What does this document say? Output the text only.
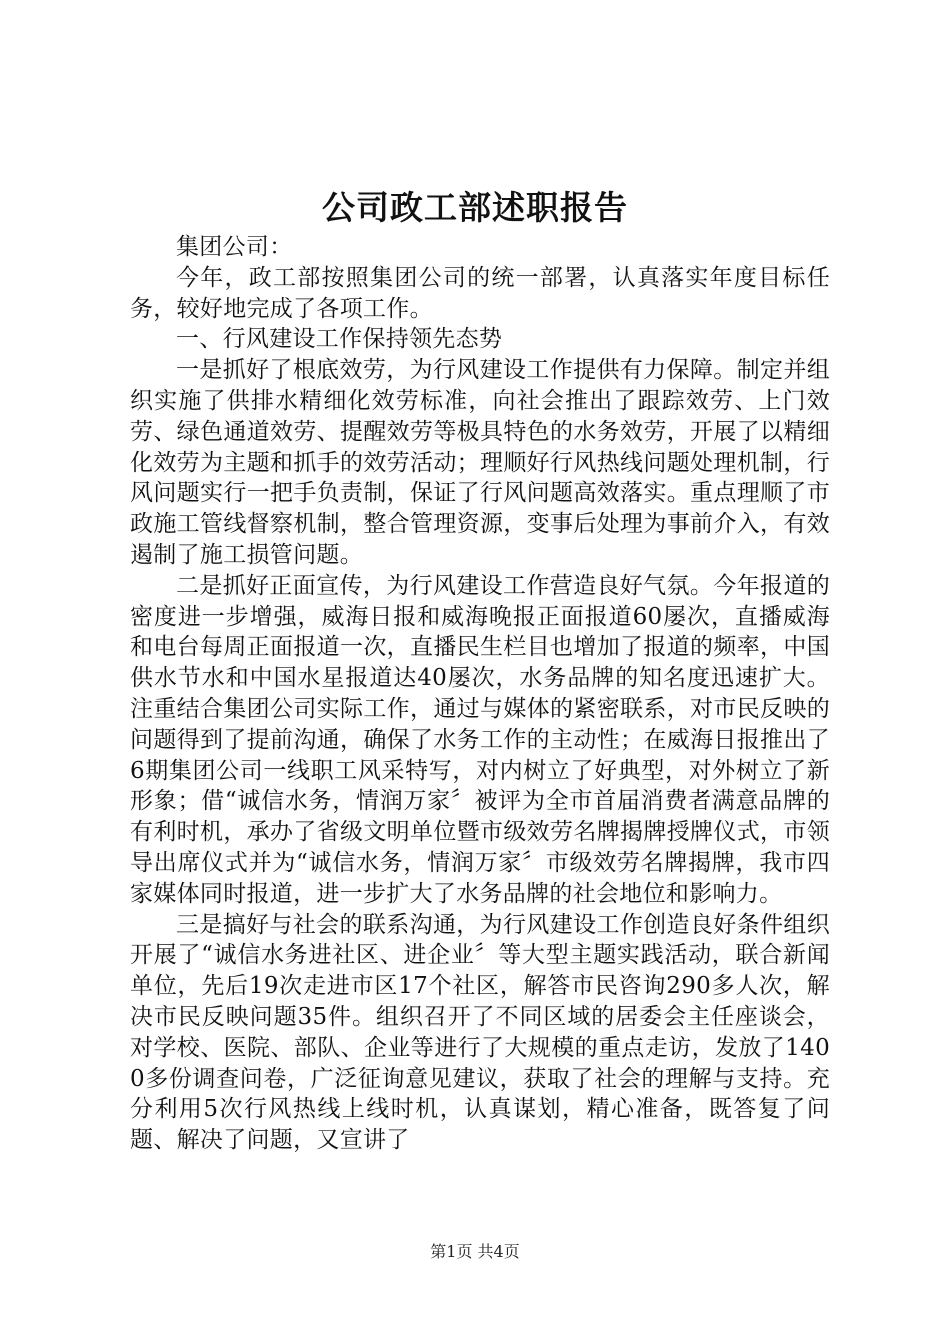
公司政工部述职报告

集团公司：

今年，政工部按照集团公司的统一部署，认真落实年度目标任务，较好地完成了各项工作。

一、行风建设工作保持领先态势

一是抓好了根底效劳，为行风建设工作提供有力保障。制定并组织实施了供排水精细化效劳标准，向社会推出了跟踪效劳、上门效劳、绿色通道效劳、提醒效劳等极具特色的水务效劳，开展了以精细化效劳为主题和抓手的效劳活动；理顺好行风热线问题处理机制，行风问题实行一把手负责制，保证了行风问题高效落实。重点理顺了市政施工管线督察机制，整合管理资源，变事后处理为事前介入，有效遏制了施工损管问题。

二是抓好正面宣传，为行风建设工作营造良好气氛。今年报道的密度进一步增强，威海日报和威海晚报正面报道60屡次，直播威海和电台每周正面报道一次，直播民生栏目也增加了报道的频率，中国供水节水和中国水星报道达40屡次，水务品牌的知名度迅速扩大。注重结合集团公司实际工作，通过与媒体的紧密联系，对市民反映的问题得到了提前沟通，确保了水务工作的主动性；在威海日报推出了6期集团公司一线职工风采特写，对内树立了好典型，对外树立了新形象；借“诚信水务，情润万家〞被评为全市首届消费者满意品牌的有利时机，承办了省级文明单位暨市级效劳名牌揭牌授牌仪式，市领导出席仪式并为“诚信水务，情润万家〞市级效劳名牌揭牌，我市四家媒体同时报道，进一步扩大了水务品牌的社会地位和影响力。

三是搞好与社会的联系沟通，为行风建设工作创造良好条件组织开展了“诚信水务进社区、进企业〞等大型主题实践活动，联合新闻单位，先后19次走进市区17个社区，解答市民咨询290多人次，解决市民反映问题35件。组织召开了不同区域的居委会主任座谈会，对学校、医院、部队、企业等进行了大规模的重点走访，发放了1400多份调查问卷，广泛征询意见建议，获取了社会的理解与支持。充分利用5次行风热线上线时机，认真谋划，精心准备，既答复了问题、解决了问题，又宣讲了

第1页 共4页
